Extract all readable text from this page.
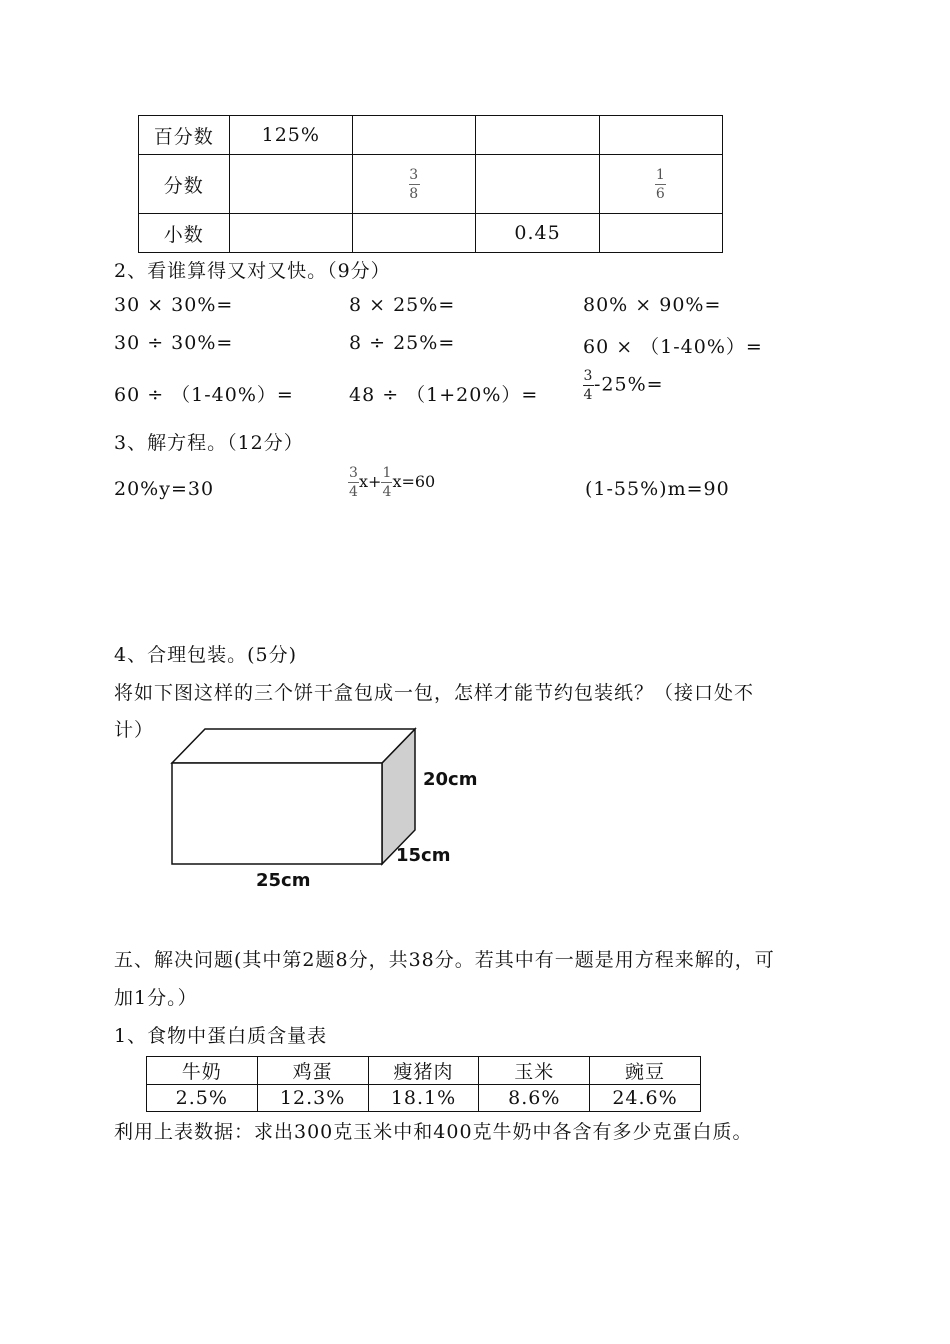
百分数	125%			
分数		$\frac{3}{8}$		$\frac{1}{6}$

小数			0.45	
2、看谁算得又对又快。（9分）
30 × 30%=	8 × 25%=	80% × 90%=
30 ÷ 30%=	8 ÷ 25%=	60 × （1-40%）=
60 ÷ （1-40%）=	48 ÷ （1+20%）=	$\frac{3}{4} -25\%=$
3、解方程。（12分）
20%y=30	$\frac{3}{4} x+ \frac{1}{4} x=60$	(1-55%)m=90
4、合理包装。(5分)
将如下图这样的三个饼干盒包成一包，怎样才能节约包装纸？（接口处不
计）
20cm
15cm
25cm
五、解决问题(其中第2题8分，共38分。若其中有一题是用方程来解的，可
加1分。）
1、食物中蛋白质含量表
牛奶	鸡蛋	瘦猪肉	玉米	豌豆
2.5%	12.3%	18.1%	8.6%	24.6%
利用上表数据：求出300克玉米中和400克牛奶中各含有多少克蛋白质。
